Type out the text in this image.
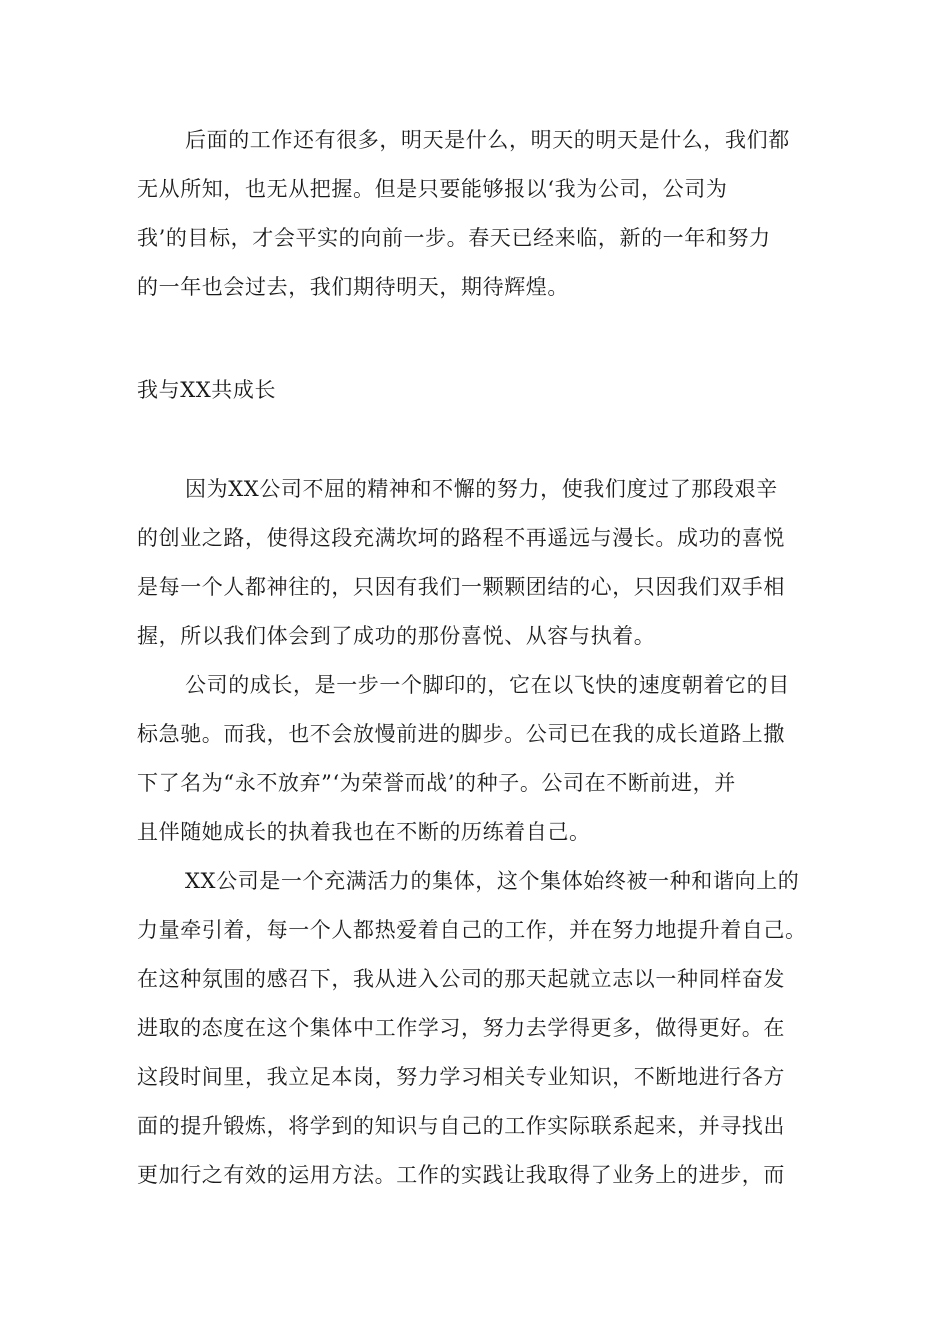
后面的工作还有很多，明天是什么，明天的明天是什么，我们都
无从所知，也无从把握。但是只要能够报以‘我为公司，公司为
我’的目标，才会平实的向前一步。春天已经来临，新的一年和努力
的一年也会过去，我们期待明天，期待辉煌。
我与XX共成长
因为XX公司不屈的精神和不懈的努力，使我们度过了那段艰辛
的创业之路，使得这段充满坎坷的路程不再遥远与漫长。成功的喜悦
是每一个人都神往的，只因有我们一颗颗团结的心，只因我们双手相
握，所以我们体会到了成功的那份喜悦、从容与执着。
公司的成长，是一步一个脚印的，它在以飞快的速度朝着它的目
标急驰。而我，也不会放慢前进的脚步。公司已在我的成长道路上撒
下了名为“永不放弃”‘为荣誉而战’的种子。公司在不断前进，并
且伴随她成长的执着我也在不断的历练着自己。
XX公司是一个充满活力的集体，这个集体始终被一种和谐向上的
力量牵引着，每一个人都热爱着自己的工作，并在努力地提升着自己。
在这种氛围的感召下，我从进入公司的那天起就立志以一种同样奋发
进取的态度在这个集体中工作学习，努力去学得更多，做得更好。在
这段时间里，我立足本岗，努力学习相关专业知识，不断地进行各方
面的提升锻炼，将学到的知识与自己的工作实际联系起来，并寻找出
更加行之有效的运用方法。工作的实践让我取得了业务上的进步，而
